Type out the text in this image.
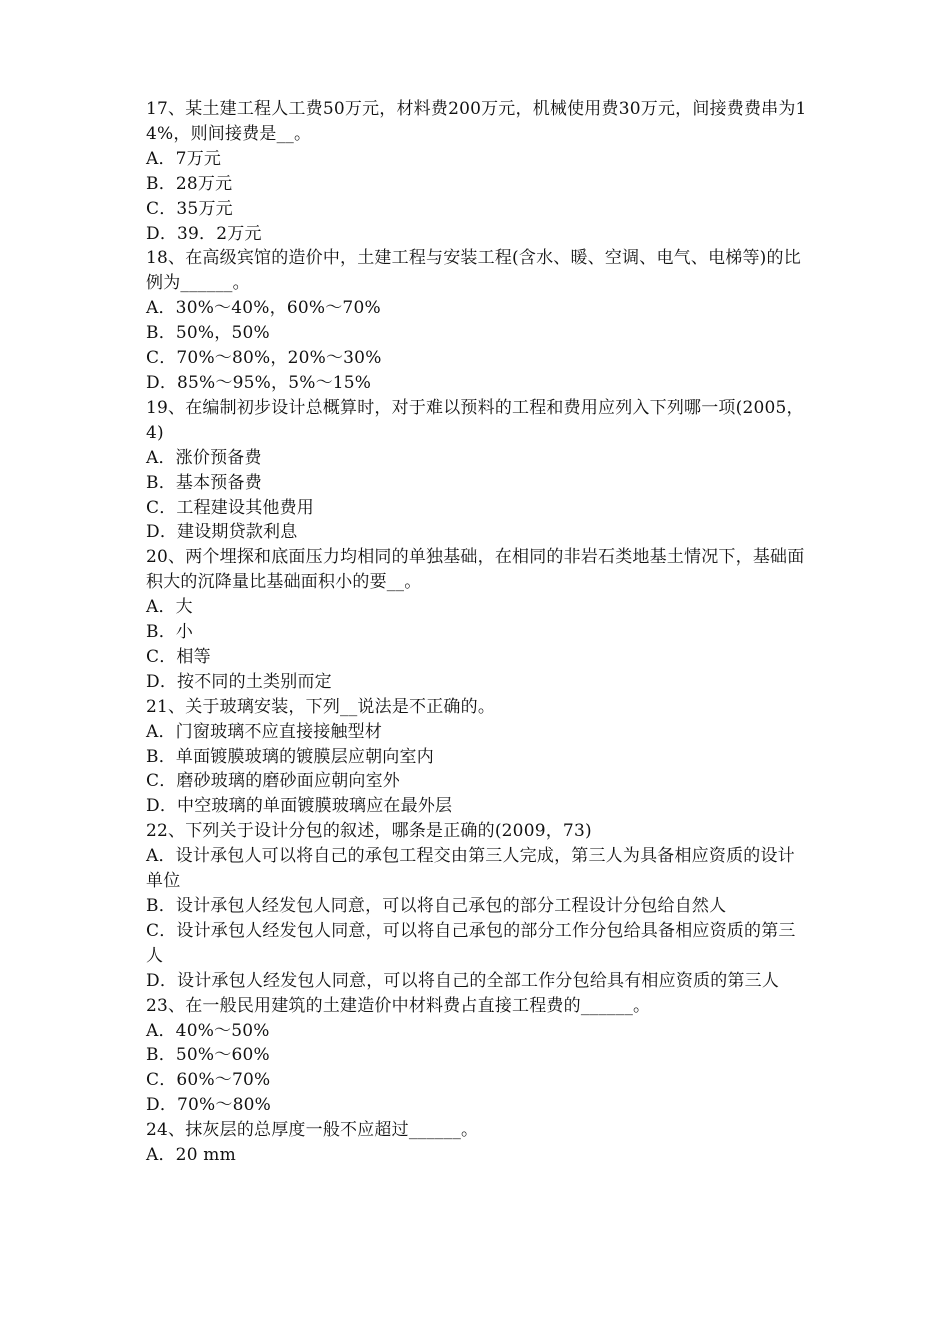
17、某土建工程人工费50万元，材料费200万元，机械使用费30万元，间接费费串为14%，则间接费是__。
A．7万元
B．28万元
C．35万元
D．39．2万元
18、在高级宾馆的造价中，土建工程与安装工程(含水、暖、空调、电气、电梯等)的比例为______。
A．30%～40%，60%～70%
B．50%，50%
C．70%～80%，20%～30%
D．85%～95%，5%～15%
19、在编制初步设计总概算时，对于难以预料的工程和费用应列入下列哪一项(2005，4)
A．涨价预备费
B．基本预备费
C．工程建设其他费用
D．建设期贷款利息
20、两个埋探和底面压力均相同的单独基础，在相同的非岩石类地基土情况下，基础面积大的沉降量比基础面积小的要__。
A．大
B．小
C．相等
D．按不同的土类别而定
21、关于玻璃安装，下列__说法是不正确的。
A．门窗玻璃不应直接接触型材
B．单面镀膜玻璃的镀膜层应朝向室内
C．磨砂玻璃的磨砂面应朝向室外
D．中空玻璃的单面镀膜玻璃应在最外层
22、下列关于设计分包的叙述，哪条是正确的(2009，73)
A．设计承包人可以将自己的承包工程交由第三人完成，第三人为具备相应资质的设计单位
B．设计承包人经发包人同意，可以将自己承包的部分工程设计分包给自然人
C．设计承包人经发包人同意，可以将自己承包的部分工作分包给具备相应资质的第三人
D．设计承包人经发包人同意，可以将自己的全部工作分包给具有相应资质的第三人
23、在一般民用建筑的土建造价中材料费占直接工程费的______。
A．40%～50%
B．50%～60%
C．60%～70%
D．70%～80%
24、抹灰层的总厚度一般不应超过______。
A．20 mm
